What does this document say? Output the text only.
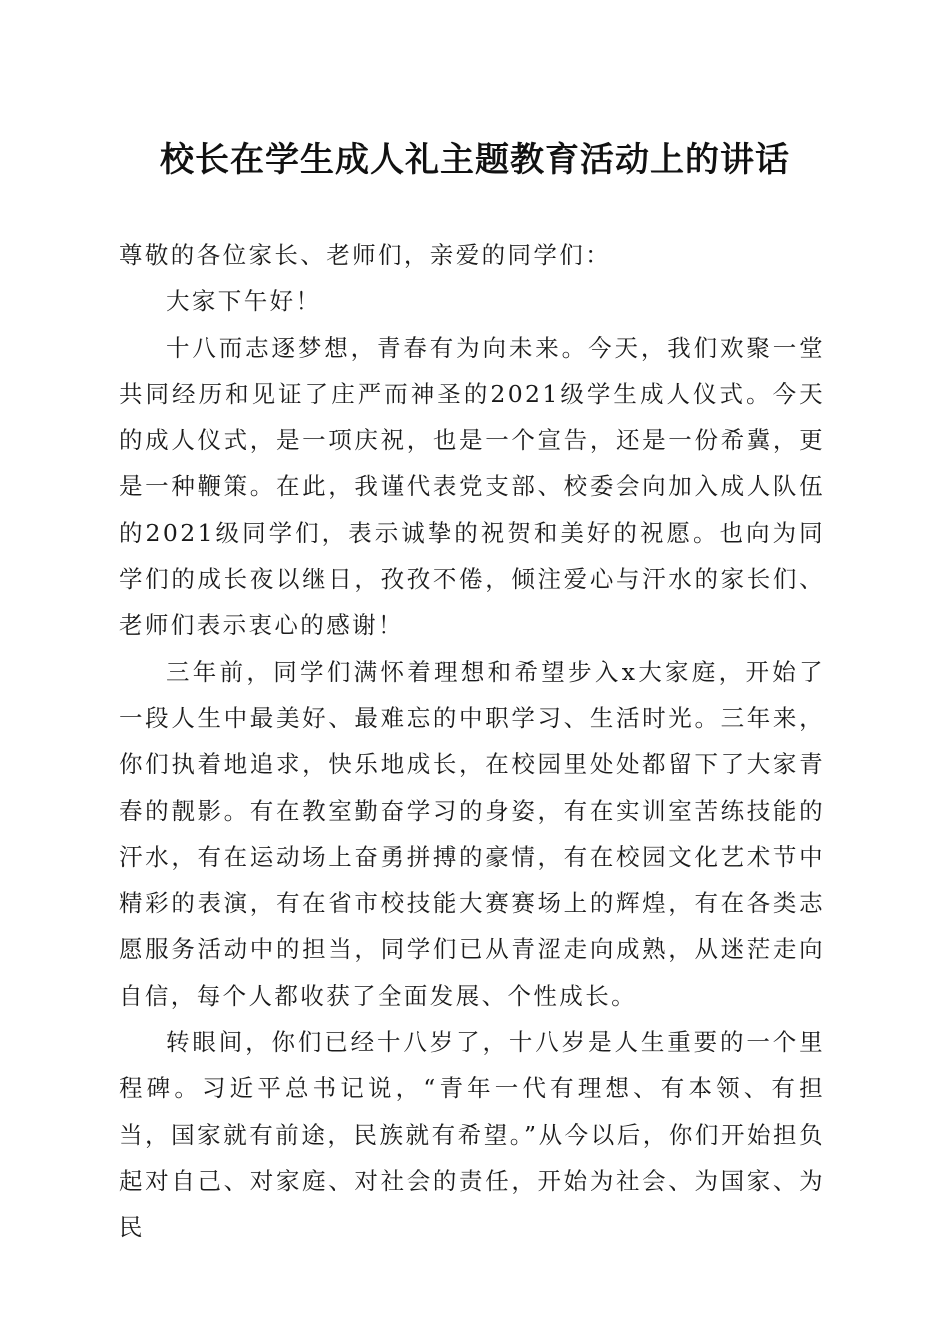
校长在学生成人礼主题教育活动上的讲话

尊敬的各位家长、老师们，亲爱的同学们：

大家下午好！

十八而志逐梦想，青春有为向未来。今天，我们欢聚一堂共同经历和见证了庄严而神圣的2021级学生成人仪式。今天的成人仪式，是一项庆祝，也是一个宣告，还是一份希冀，更是一种鞭策。在此，我谨代表党支部、校委会向加入成人队伍的2021级同学们，表示诚挚的祝贺和美好的祝愿。也向为同学们的成长夜以继日，孜孜不倦，倾注爱心与汗水的家长们、老师们表示衷心的感谢！

三年前，同学们满怀着理想和希望步入x大家庭，开始了一段人生中最美好、最难忘的中职学习、生活时光。三年来，你们执着地追求，快乐地成长，在校园里处处都留下了大家青春的靓影。有在教室勤奋学习的身姿，有在实训室苦练技能的汗水，有在运动场上奋勇拼搏的豪情，有在校园文化艺术节中精彩的表演，有在省市校技能大赛赛场上的辉煌，有在各类志愿服务活动中的担当，同学们已从青涩走向成熟，从迷茫走向自信，每个人都收获了全面发展、个性成长。

转眼间，你们已经十八岁了，十八岁是人生重要的一个里程碑。习近平总书记说，“青年一代有理想、有本领、有担当，国家就有前途，民族就有希望。”从今以后，你们开始担负起对自己、对家庭、对社会的责任，开始为社会、为国家、为民
